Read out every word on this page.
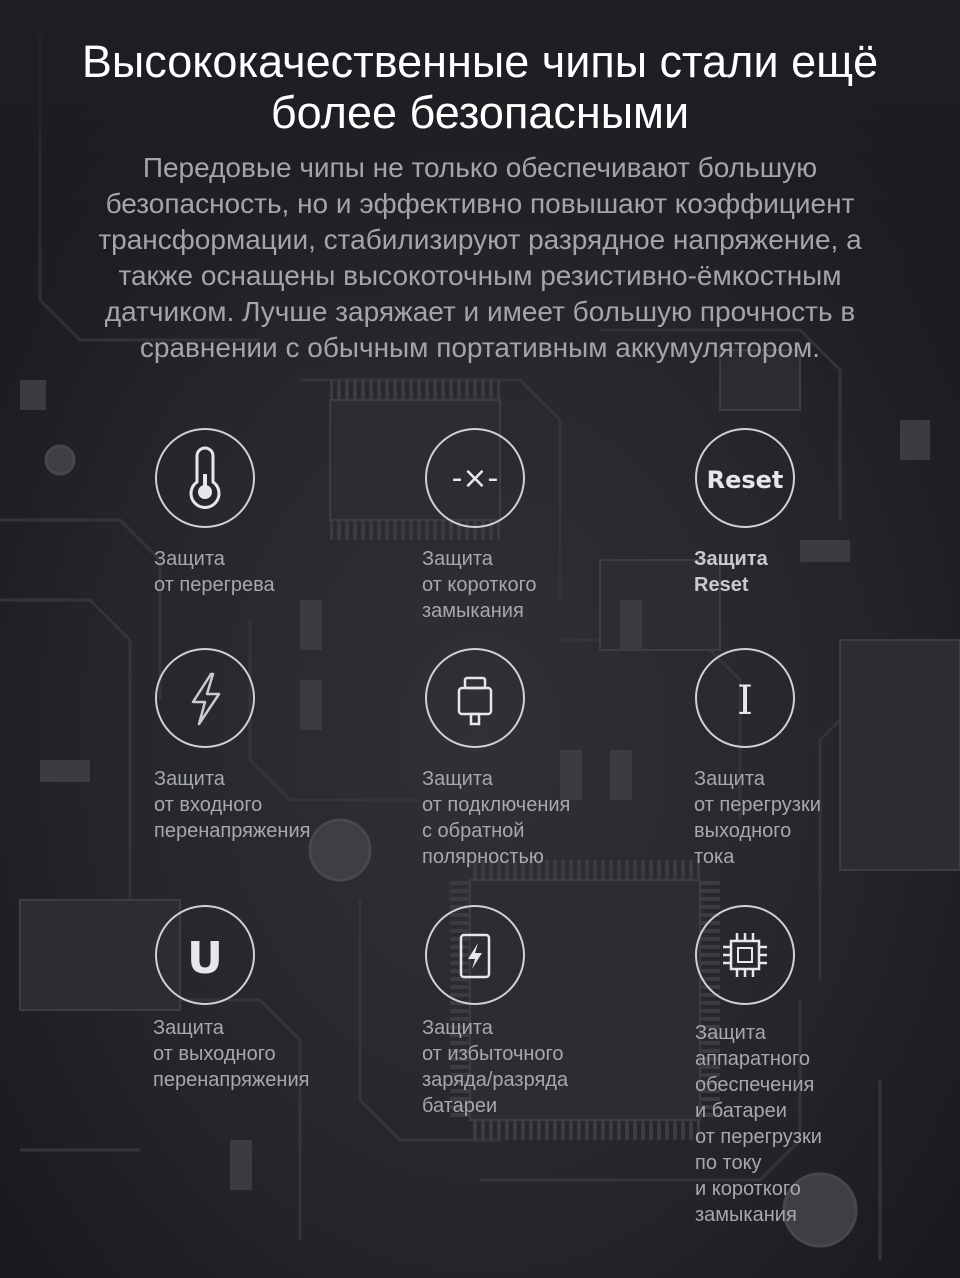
Высококачественные чипы стали ещё
более безопасными

Передовые чипы не только обеспечивают большую
безопасность, но и эффективно повышают коэффициент
трансформации, стабилизируют разрядное напряжение, а
также оснащены высокоточным резистивно-ёмкостным
датчиком. Лучше заряжает и имеет большую прочность в
сравнении с обычным портативным аккумулятором.

Защита
от перегрева

-×-

Защита
от короткого
замыкания

Reset

Защита
Reset

Защита
от входного
перенапряжения

Защита
от подключения
с обратной
полярностью

I

Защита
от перегрузки
выходного
тока

U

Защита
от выходного
перенапряжения

Защита
от избыточного
заряда/разряда
батареи

Защита
аппаратного
обеспечения
и батареи
от перегрузки
по току
и короткого
замыкания
